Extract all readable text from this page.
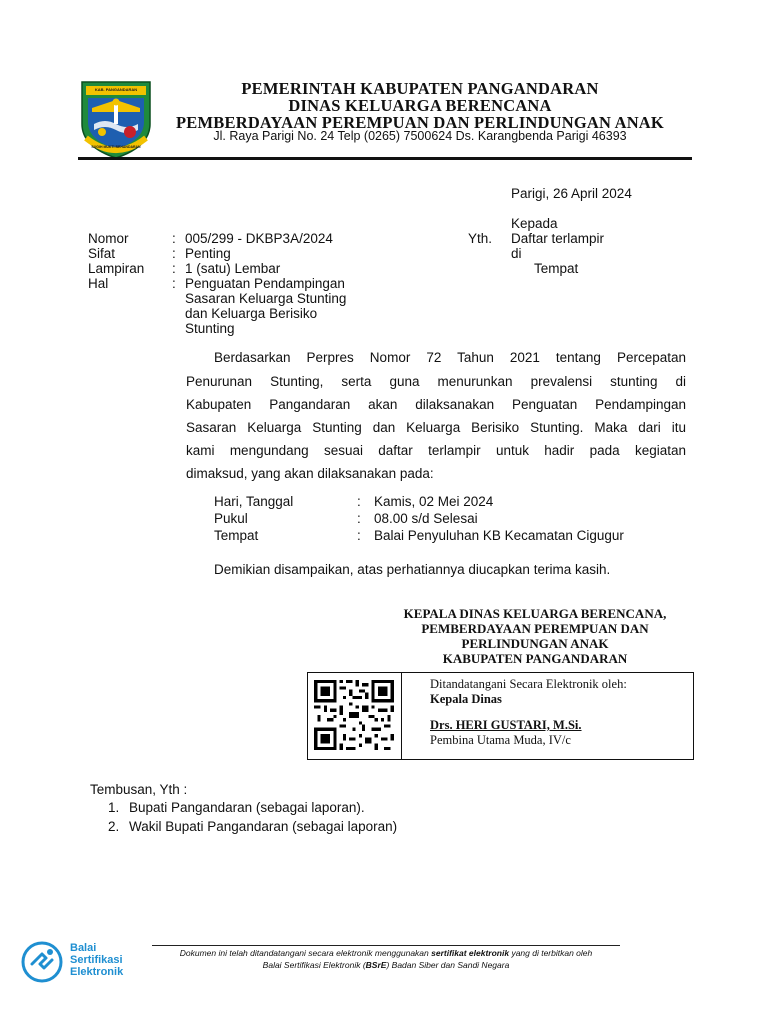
KAB. PANGANDARAN
SUGIH MUKTI BEHANDARAN
PEMERINTAH KABUPATEN PANGANDARAN
DINAS KELUARGA BERENCANA
PEMBERDAYAAN PEREMPUAN DAN PERLINDUNGAN ANAK
Jl. Raya Parigi No. 24 Telp (0265) 7500624 Ds. Karangbenda Parigi 46393
Parigi, 26 April 2024
Kepada
Yth. Daftar terlampir
di
Tempat
Nomor	: 005/299 - DKBP3A/2024
Sifat	: Penting
Lampiran : 1 (satu) Lembar
Hal	: Penguatan Pendampingan
Sasaran Keluarga Stunting
dan Keluarga Berisiko
Stunting
Berdasarkan Perpres Nomor 72 Tahun 2021 tentang Percepatan
Penurunan Stunting, serta guna menurunkan prevalensi stunting di
Kabupaten Pangandaran akan dilaksanakan Penguatan Pendampingan
Sasaran Keluarga Stunting dan Keluarga Berisiko Stunting. Maka dari itu
kami mengundang sesuai daftar terlampir untuk hadir pada kegiatan
dimaksud, yang akan dilaksanakan pada:
Hari, Tanggal	: Kamis, 02 Mei 2024
Pukul	: 08.00 s/d Selesai
Tempat	: Balai Penyuluhan KB Kecamatan Cigugur
Demikian disampaikan, atas perhatiannya diucapkan terima kasih.
KEPALA DINAS KELUARGA BERENCANA,
PEMBERDAYAAN PEREMPUAN DAN
PERLINDUNGAN ANAK
KABUPATEN PANGANDARAN
Ditandatangani Secara Elektronik oleh:
Kepala Dinas
Drs. HERI GUSTARI, M.Si.
Pembina Utama Muda, IV/c
Tembusan, Yth :
1. Bupati Pangandaran (sebagai laporan).
2. Wakil Bupati Pangandaran (sebagai laporan)
Balai
Sertifikasi
Elektronik
Dokumen ini telah ditandatangani secara elektronik menggunakan sertifikat elektronik yang di terbitkan oleh
Balai Sertifikasi Elektronik (BSrE) Badan Siber dan Sandi Negara
